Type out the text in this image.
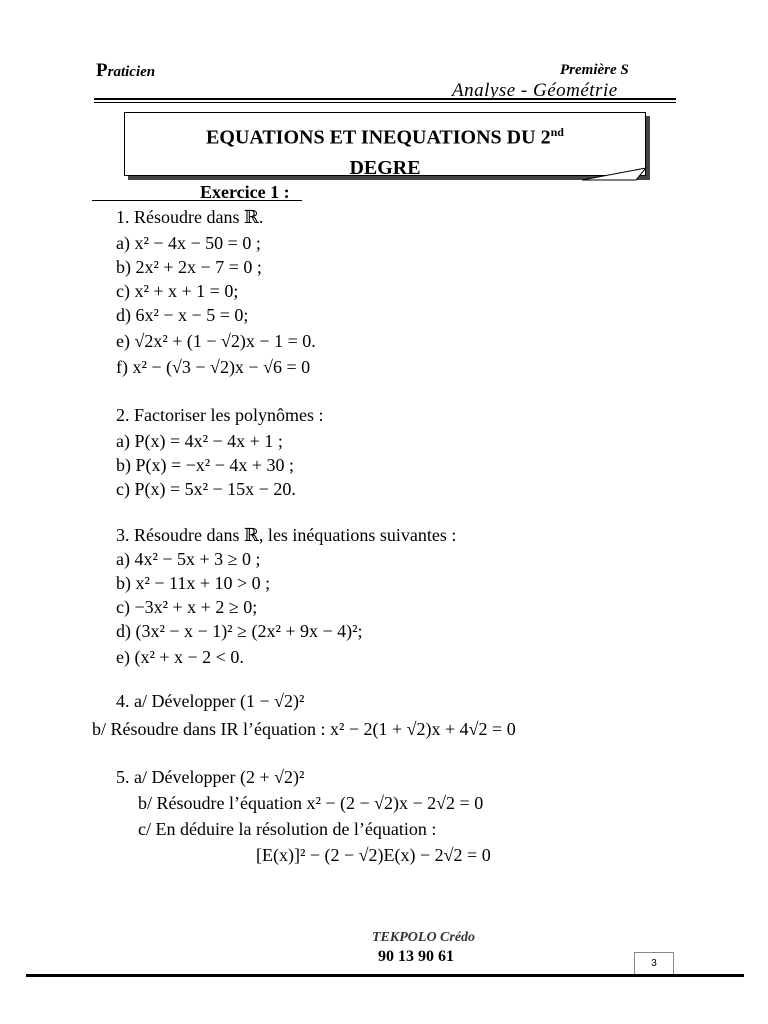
Praticien	Première S
Analyse - Géométrie
EQUATIONS ET INEQUATIONS DU 2nd
DEGRE
Exercice 1 :
1. Résoudre dans ℝ.
a) x² − 4x − 50 = 0 ;
b) 2x² + 2x − 7 = 0 ;
c) x² + x + 1 = 0;
d) 6x² − x − 5 = 0;
e) √2x² + (1 − √2)x − 1 = 0.
f) x² − (√3 − √2)x − √6 = 0
2. Factoriser les polynômes :
a) P(x) = 4x² − 4x + 1 ;
b) P(x) = −x² − 4x + 30 ;
c) P(x) = 5x² − 15x − 20.
3. Résoudre dans ℝ, les inéquations suivantes :
a) 4x² − 5x + 3 ≥ 0 ;
b) x² − 11x + 10 > 0 ;
c) −3x² + x + 2 ≥ 0;
d) (3x² − x − 1)² ≥ (2x² + 9x − 4)²;
e) (x² + x − 2 < 0.
4. a/ Développer (1 − √2)²
b/ Résoudre dans IR l’équation : x² − 2(1 + √2)x + 4√2 = 0
5. a/ Développer (2 + √2)²
b/ Résoudre l’équation x² − (2 − √2)x − 2√2 = 0
c/ En déduire la résolution de l’équation :
[E(x)]² − (2 − √2)E(x) − 2√2 = 0
TEKPOLO Crédo
90 13 90 61	3
